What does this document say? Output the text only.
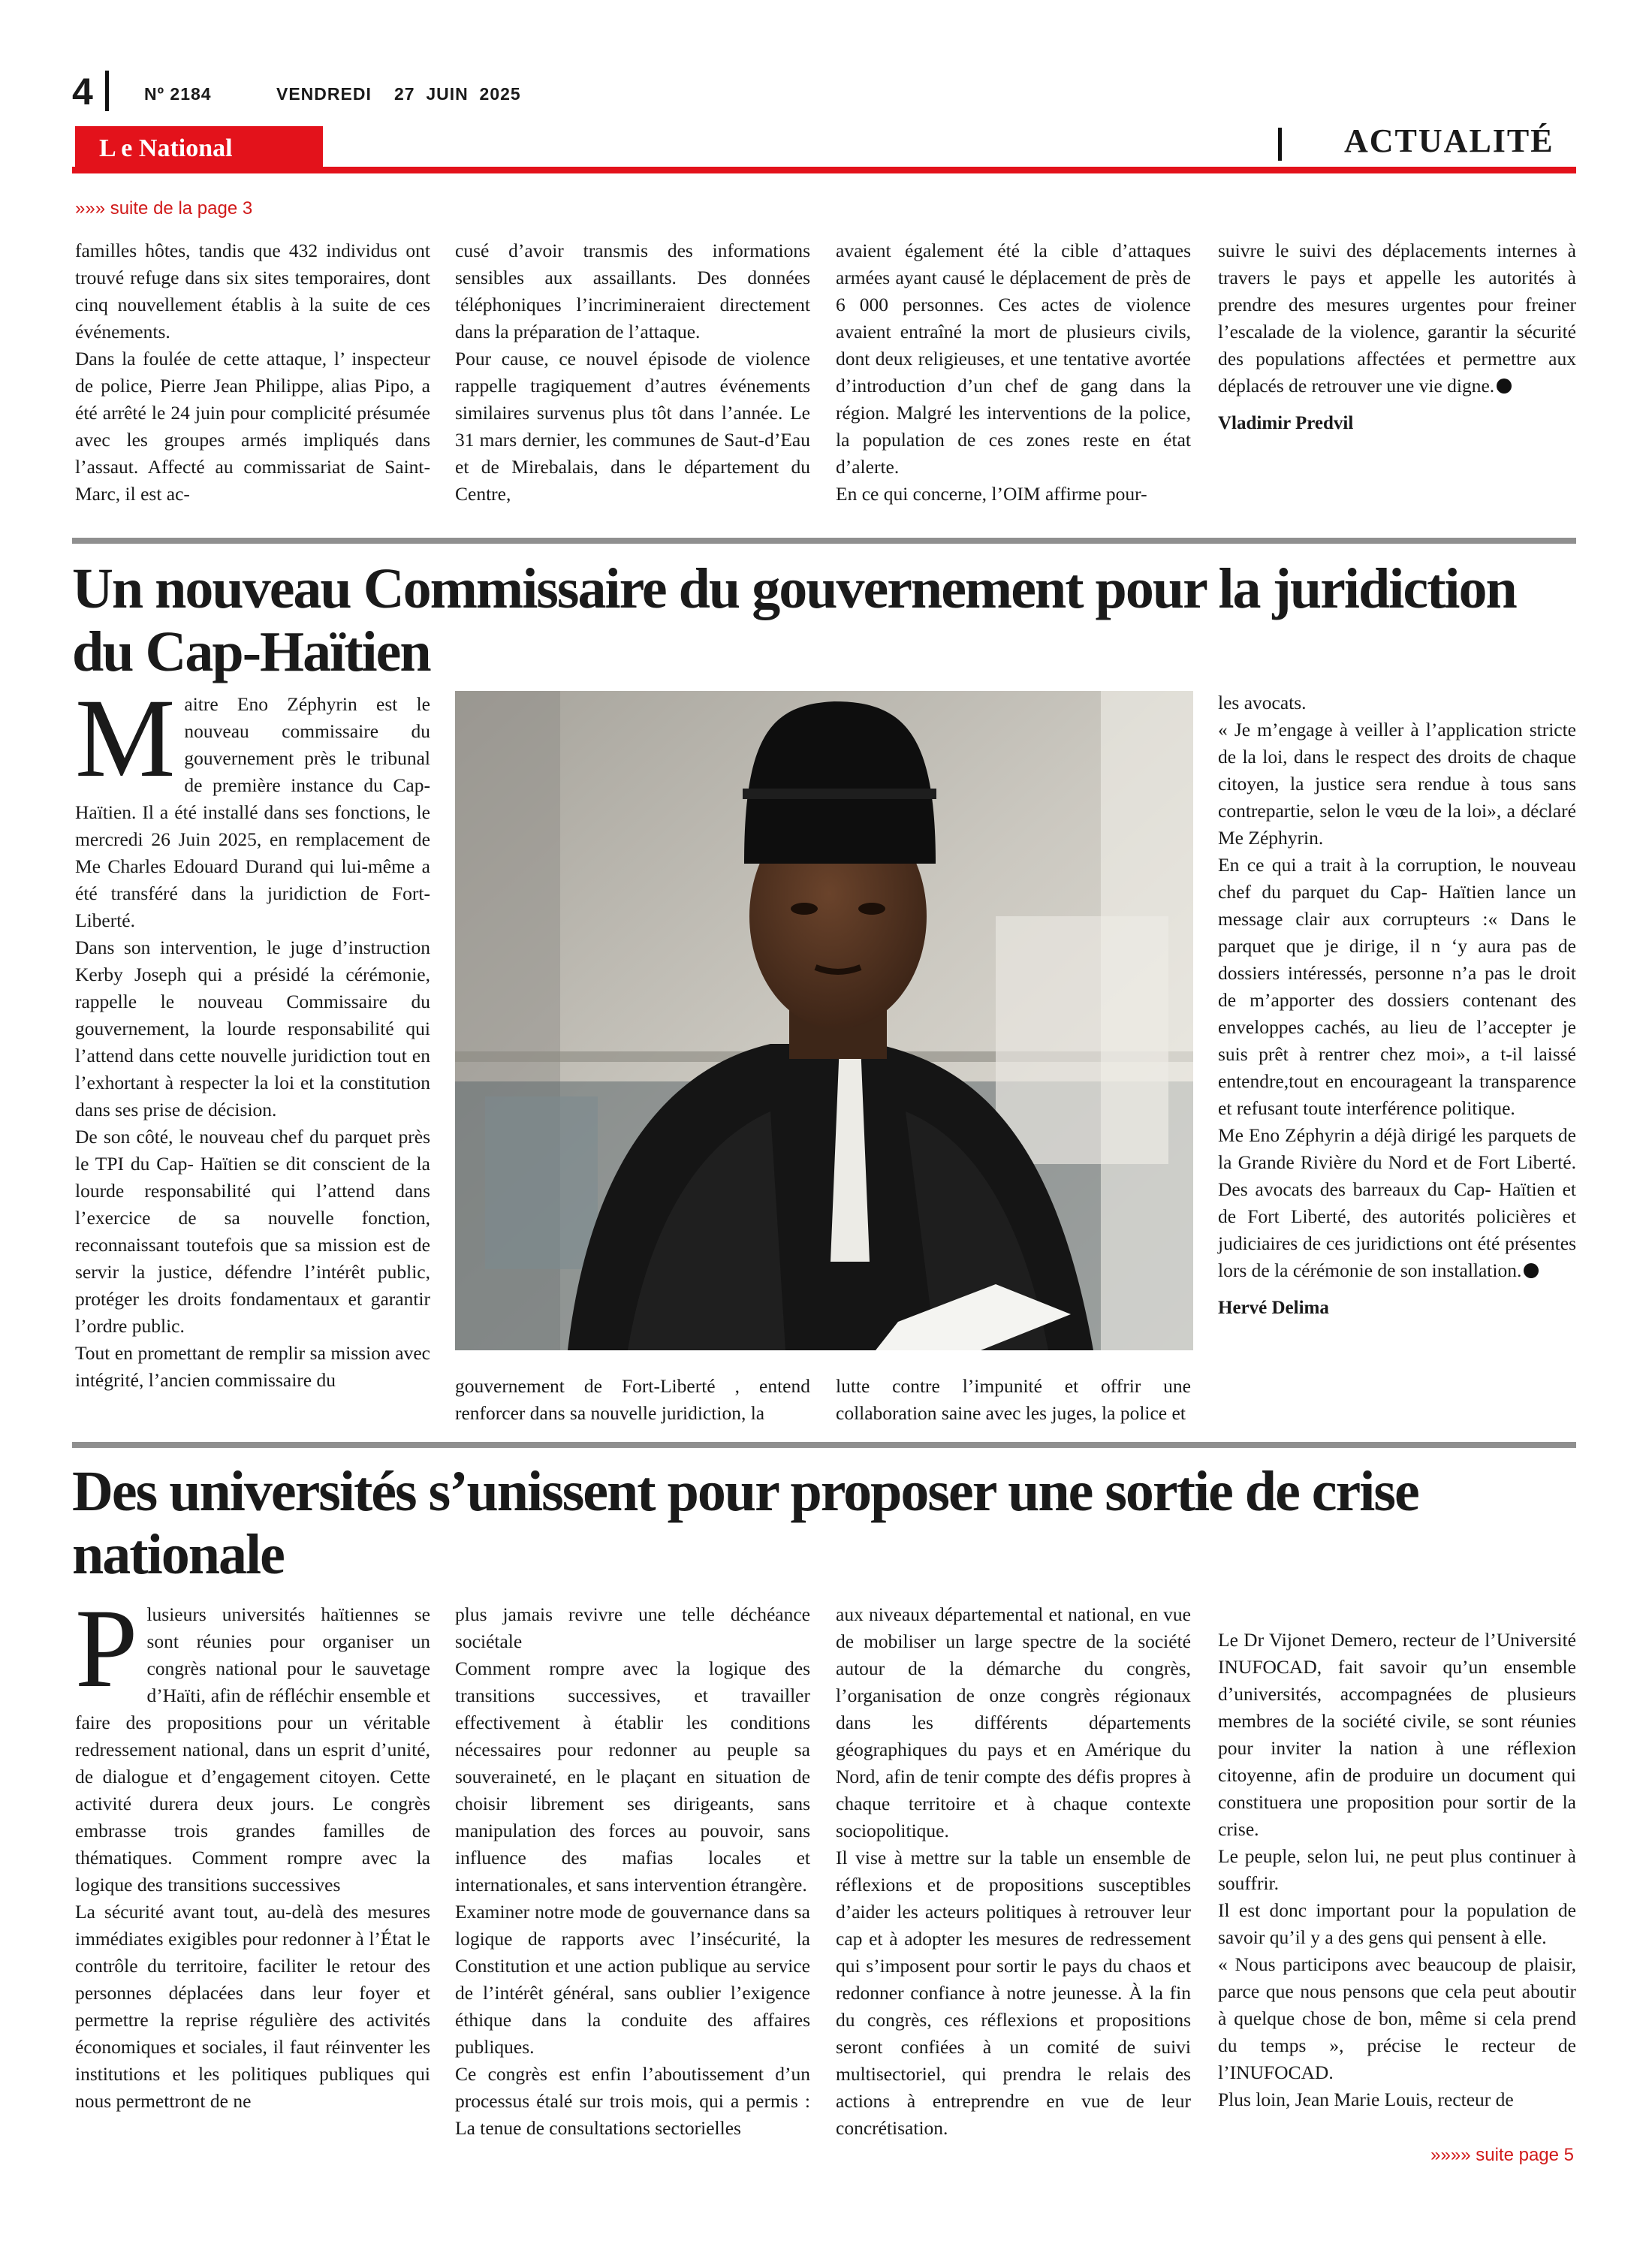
4	Nº 2184	VENDREDI 27  JUIN  2025
L e National	ACTUALITÉ
»»» suite de la page 3

familles hôtes, tandis que 432 individus ont trouvé refuge dans six sites temporaires, dont cinq nouvellement établis à la suite de ces événements.

Dans la foulée de cette attaque, l’ inspecteur de police, Pierre Jean Philippe, alias Pipo, a été arrêté le 24 juin pour complicité présumée avec les groupes armés impliqués dans l’assaut. Affecté au commissariat de Saint-Marc, il est ac-

cusé d’avoir transmis des informations sensibles aux assaillants. Des données téléphoniques l’incrimineraient directement dans la préparation de l’attaque.

Pour cause, ce nouvel épisode de violence rappelle tragiquement d’autres événements similaires survenus plus tôt dans l’année. Le 31 mars dernier, les communes de Saut-d’Eau et de Mirebalais, dans le département du Centre,

avaient également été la cible d’attaques armées ayant causé le déplacement de près de 6 000 personnes. Ces actes de violence avaient entraîné la mort de plusieurs civils, dont deux religieuses, et une tentative avortée d’introduction d’un chef de gang dans la région. Malgré les interventions de la police, la population de ces zones reste en état d’alerte.

En ce qui concerne, l’OIM affirme pour-

suivre le suivi des déplacements internes à travers le pays et appelle les autorités à prendre des mesures urgentes pour freiner l’escalade de la violence, garantir la sécurité des populations affectées et permettre aux déplacés de retrouver une vie digne.

Vladimir Predvil

Un nouveau Commissaire du gouvernement pour la juridiction du Cap-Haïtien

Maitre Eno Zéphyrin est le nouveau commissaire du gouvernement près le tribunal de première instance du Cap-Haïtien. Il a été installé dans ses fonctions, le mercredi 26 Juin 2025, en remplacement de Me Charles Edouard Durand qui lui-même a été transféré dans la juridiction de Fort-Liberté.

Dans son intervention, le juge d’instruction Kerby Joseph qui a présidé la cérémonie, rappelle le nouveau Commissaire du gouvernement, la lourde responsabilité qui l’attend dans cette nouvelle juridiction tout en l’exhortant à respecter la loi et la constitution dans ses prise de décision.

De son côté, le nouveau chef du parquet près le TPI du Cap- Haïtien se dit conscient de la lourde responsabilité qui l’attend dans l’exercice de sa nouvelle fonction, reconnaissant toutefois que sa mission est de servir la justice, défendre l’intérêt public, protéger les droits fondamentaux et garantir l’ordre public.

Tout en promettant de remplir sa mission avec intégrité, l’ancien commissaire du	gouvernement de Fort-Liberté , entend renforcer dans sa nouvelle juridiction, la

lutte contre l’impunité et offrir une collaboration saine avec les juges, la police et

les avocats.

« Je m’engage à veiller à l’application stricte de la loi, dans le respect des droits de chaque citoyen, la justice sera rendue à tous sans contrepartie, selon le vœu de la loi», a déclaré Me Zéphyrin.

En ce qui a trait à la corruption, le nouveau chef du parquet du Cap- Haïtien lance un message clair aux corrupteurs :« Dans le parquet que je dirige, il n ‘y aura pas de dossiers intéressés, personne n’a pas le droit de m’apporter des dossiers contenant des enveloppes cachés, au lieu de l’accepter je suis prêt à rentrer chez moi», a t-il laissé entendre,tout en encourageant la transparence et refusant toute interférence politique.

Me Eno Zéphyrin a déjà dirigé les parquets de la Grande Rivière du Nord et de Fort Liberté. Des avocats des barreaux du Cap- Haïtien et de Fort Liberté, des autorités policières et judiciaires de ces juridictions ont été présentes lors de la cérémonie de son installation.

Hervé Delima

Des universités s’unissent pour proposer une sortie de crise nationale

Plusieurs universités haïtiennes se sont réunies pour organiser un congrès national pour le sauvetage d’Haïti, afin de réfléchir ensemble et faire des propositions pour un véritable redressement national, dans un esprit d’unité, de dialogue et d’engagement citoyen. Cette activité durera deux jours. Le congrès embrasse trois grandes familles de thématiques. Comment rompre avec la logique des transitions successives

La sécurité avant tout, au-delà des mesures immédiates exigibles pour redonner à l’État le contrôle du territoire, faciliter le retour des personnes déplacées dans leur foyer et permettre la reprise régulière des activités économiques et sociales, il faut réinventer les institutions et les politiques publiques qui nous permettront de ne

plus jamais revivre une telle déchéance sociétale

Comment rompre avec la logique des transitions successives, et travailler effectivement à établir les conditions nécessaires pour redonner au peuple sa souveraineté, en le plaçant en situation de choisir librement ses dirigeants, sans manipulation des forces au pouvoir, sans influence des mafias locales et internationales, et sans intervention étrangère.

Examiner notre mode de gouvernance dans sa logique de rapports avec l’insécurité, la Constitution et une action publique au service de l’intérêt général, sans oublier l’exigence éthique dans la conduite des affaires publiques.

Ce congrès est enfin l’aboutissement d’un processus étalé sur trois mois, qui a permis : La tenue de consultations sectorielles

aux niveaux départemental et national, en vue de mobiliser un large spectre de la société autour de la démarche du congrès, l’organisation de onze congrès régionaux dans les différents départements géographiques du pays et en Amérique du Nord, afin de tenir compte des défis propres à chaque territoire et à chaque contexte sociopolitique.

Il vise à mettre sur la table un ensemble de réflexions et de propositions susceptibles d’aider les acteurs politiques à retrouver leur cap et à adopter les mesures de redressement qui s’imposent pour sortir le pays du chaos et redonner confiance à notre jeunesse. À la fin du congrès, ces réflexions et propositions seront confiées à un comité de suivi multisectoriel, qui prendra le relais des actions à entreprendre en vue de leur concrétisation.

Le Dr Vijonet Demero, recteur de l’Université INUFOCAD, fait savoir qu’un ensemble d’universités, accompagnées de plusieurs membres de la société civile, se sont réunies pour inviter la nation à une réflexion citoyenne, afin de produire un document qui constituera une proposition pour sortir de la crise.

Le peuple, selon lui, ne peut plus continuer à souffrir.

Il est donc important pour la population de savoir qu’il y a des gens qui pensent à elle.

« Nous participons avec beaucoup de plaisir, parce que nous pensons que cela peut aboutir à quelque chose de bon, même si cela prend du temps », précise le recteur de l’INUFOCAD.

Plus loin, Jean Marie Louis, recteur de

»»»» suite page 5
